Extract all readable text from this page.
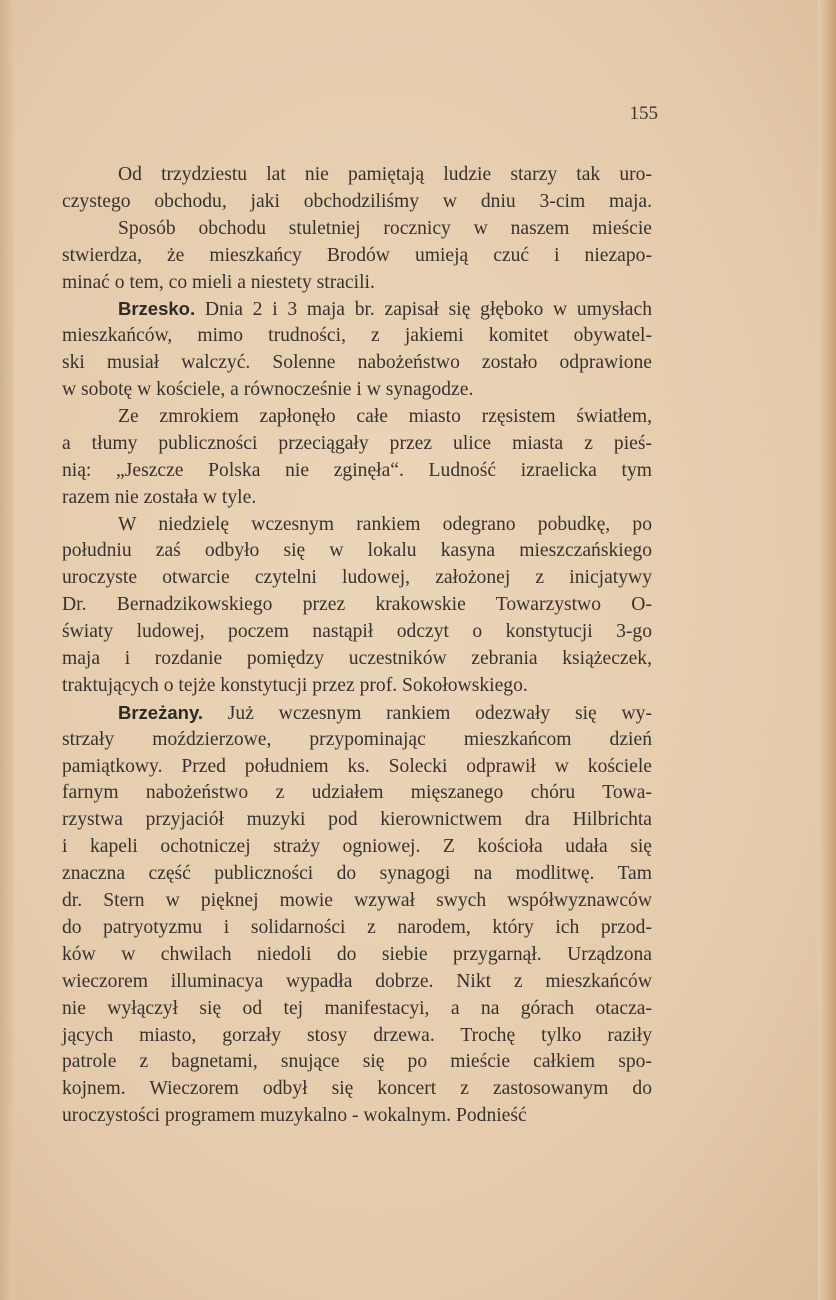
155
Od trzydziestu lat nie pamiętają ludzie starzy tak uro-
czystego obchodu, jaki obchodziliśmy w dniu 3-cim maja.
Sposób obchodu stuletniej rocznicy w naszem mieście
stwierdza, że mieszkańcy Brodów umieją czuć i niezapo-
minać o tem, co mieli a niestety stracili.
Brzesko. Dnia 2 i 3 maja br. zapisał się głęboko w umysłach
mieszkańców, mimo trudności, z jakiemi komitet obywatel-
ski musiał walczyć. Solenne nabożeństwo zostało odprawione
w sobotę w kościele, a równocześnie i w synagodze.
Ze zmrokiem zapłonęło całe miasto rzęsistem światłem,
a tłumy publiczności przeciągały przez ulice miasta z pieś-
nią: „Jeszcze Polska nie zginęła“. Ludność izraelicka tym
razem nie została w tyle.
W niedzielę wczesnym rankiem odegrano pobudkę, po
południu zaś odbyło się w lokalu kasyna mieszczańskiego
uroczyste otwarcie czytelni ludowej, założonej z inicjatywy
Dr. Bernadzikowskiego przez krakowskie Towarzystwo O-
światy ludowej, poczem nastąpił odczyt o konstytucji 3-go
maja i rozdanie pomiędzy uczestników zebrania książeczek,
traktujących o tejże konstytucji przez prof. Sokołowskiego.
Brzeżany. Już wczesnym rankiem odezwały się wy-
strzały moździerzowe, przypominając mieszkańcom dzień
pamiątkowy. Przed południem ks. Solecki odprawił w kościele
farnym nabożeństwo z udziałem mięszanego chóru Towa-
rzystwa przyjaciół muzyki pod kierownictwem dra Hilbrichta
i kapeli ochotniczej straży ogniowej. Z kościoła udała się
znaczna część publiczności do synagogi na modlitwę. Tam
dr. Stern w pięknej mowie wzywał swych współwyznawców
do patryotyzmu i solidarności z narodem, który ich przod-
ków w chwilach niedoli do siebie przygarnął. Urządzona
wieczorem illuminacya wypadła dobrze. Nikt z mieszkańców
nie wyłączył się od tej manifestacyi, a na górach otacza-
jących miasto, gorzały stosy drzewa. Trochę tylko raziły
patrole z bagnetami, snujące się po mieście całkiem spo-
kojnem. Wieczorem odbył się koncert z zastosowanym do
uroczystości programem muzykalno - wokalnym. Podnieść
